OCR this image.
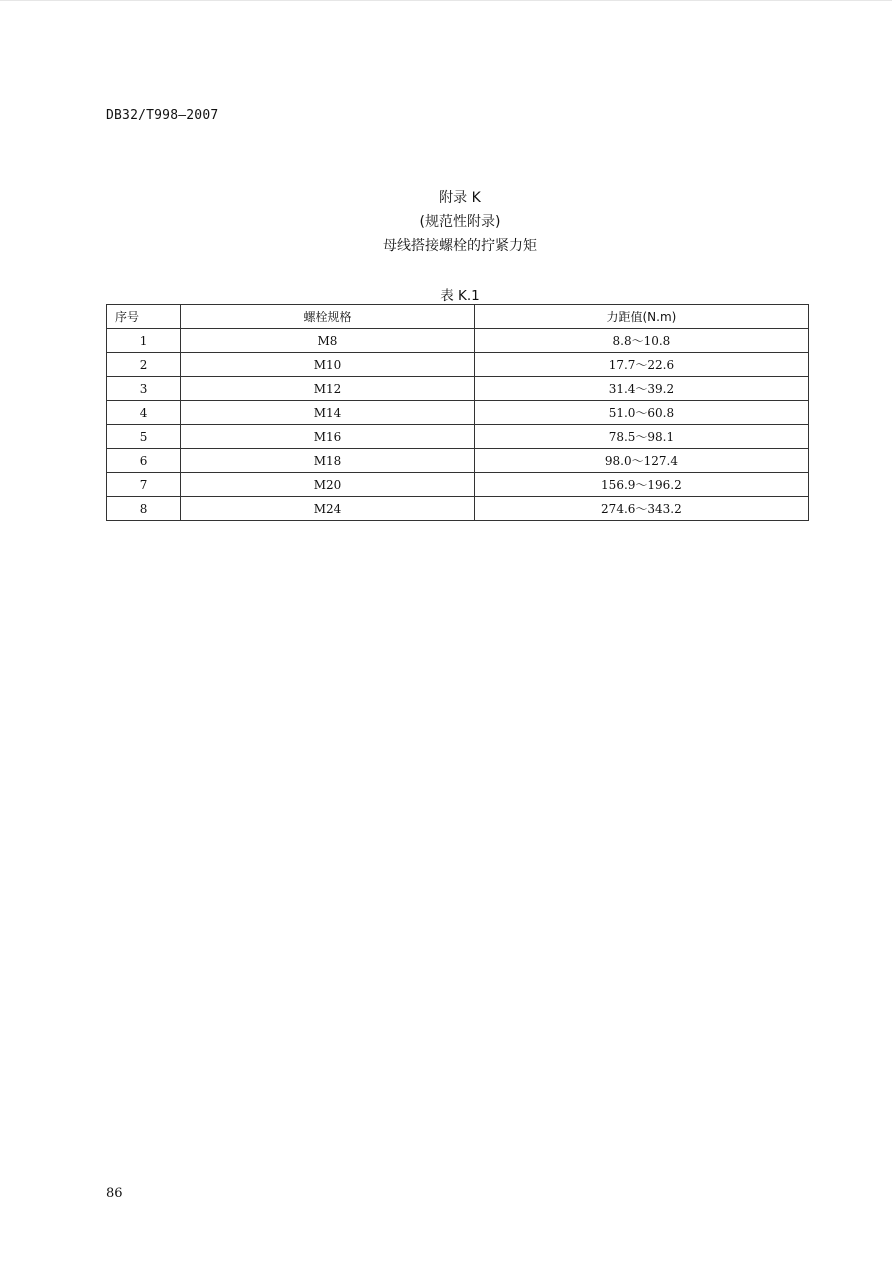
DB32/T998—2007
附录 K
(规范性附录)
母线搭接螺栓的拧紧力矩
表 K.1
序号	螺栓规格	力距值(N.m)
1	M8	8.8～10.8
2	M10	17.7～22.6
3	M12	31.4～39.2
4	M14	51.0～60.8
5	M16	78.5～98.1
6	M18	98.0～127.4
7	M20	156.9～196.2
8	M24	274.6～343.2
86
